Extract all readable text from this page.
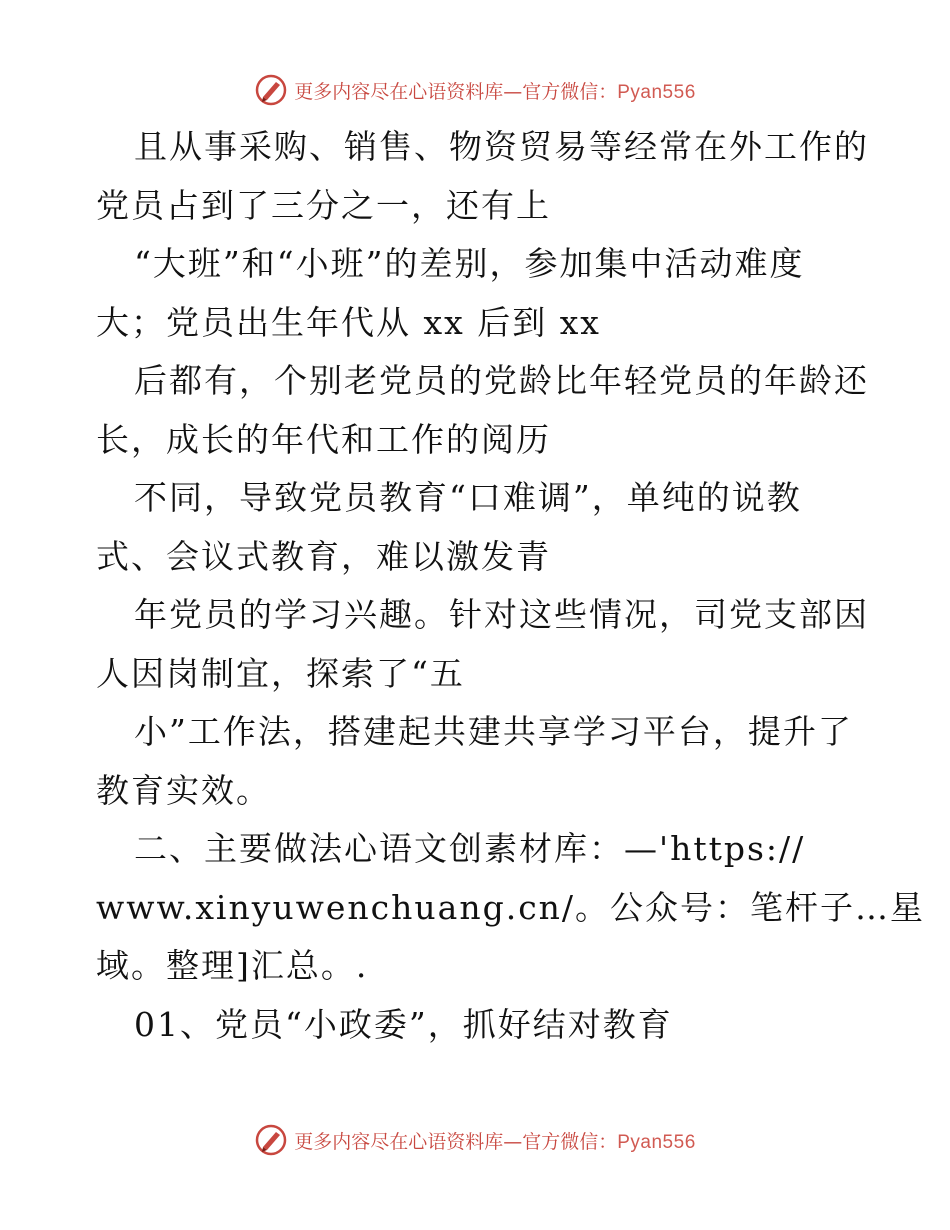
更多内容尽在心语资料库—官方微信：Pyan556
且从事采购、销售、物资贸易等经常在外工作的
党员占到了三分之一，还有上
“大班”和“小班”的差别，参加集中活动难度
大；党员出生年代从 xx 后到 xx
后都有，个别老党员的党龄比年轻党员的年龄还
长，成长的年代和工作的阅历
不同，导致党员教育“口难调”，单纯的说教
式、会议式教育，难以激发青
年党员的学习兴趣。针对这些情况，司党支部因
人因岗制宜，探索了“五
小”工作法，搭建起共建共享学习平台，提升了
教育实效。
二、主要做法心语文创素材库：—'https://
www.xinyuwenchuang.cn/。公众号：笔杆子…星
域。整理]汇总。.
01、党员“小政委”，抓好结对教育
更多内容尽在心语资料库—官方微信：Pyan556
